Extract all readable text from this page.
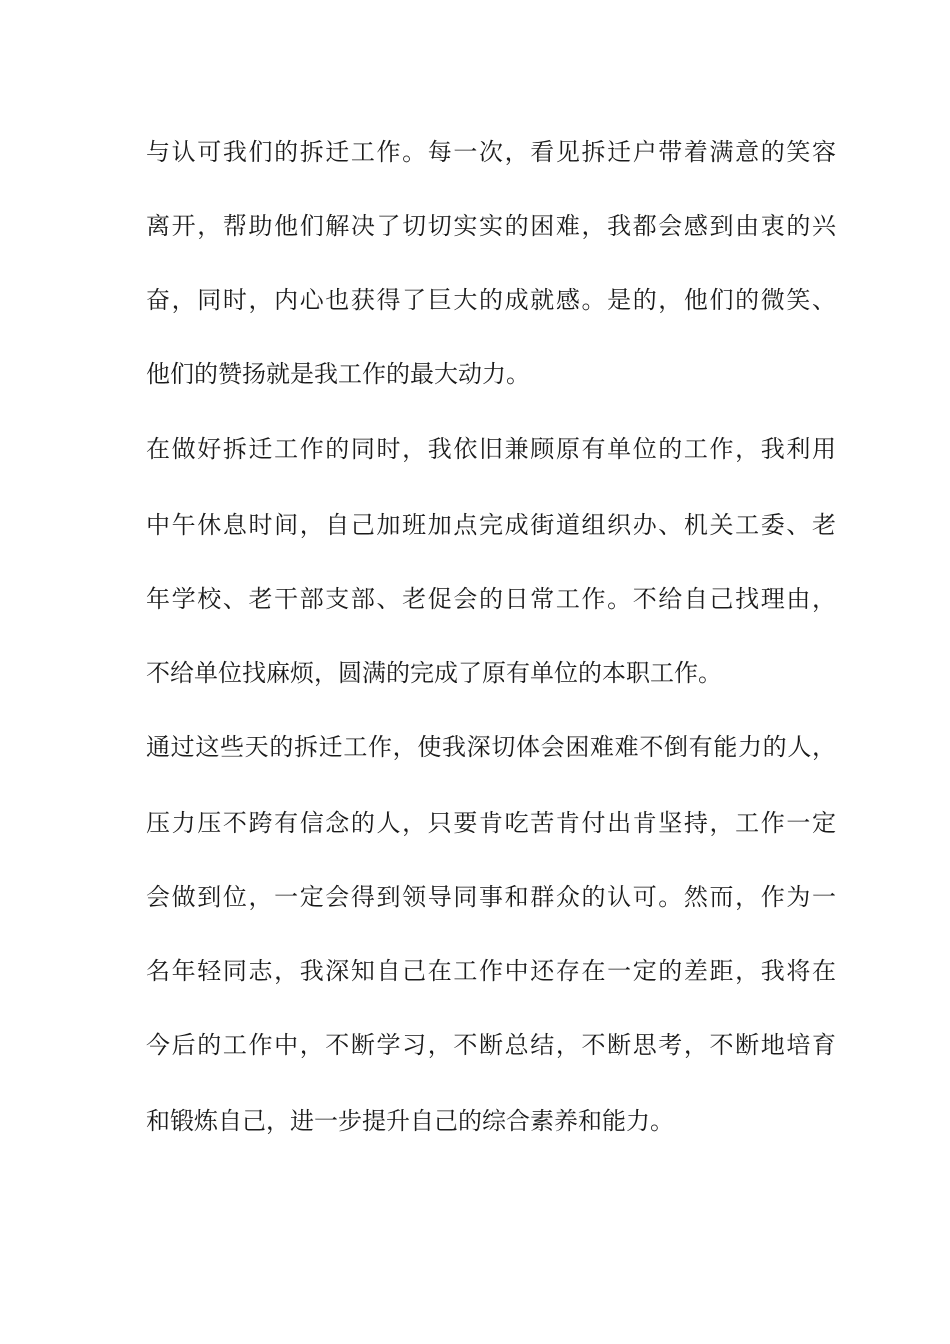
与认可我们的拆迁工作。每一次，看见拆迁户带着满意的笑容
离开，帮助他们解决了切切实实的困难，我都会感到由衷的兴
奋，同时，内心也获得了巨大的成就感。是的，他们的微笑、
他们的赞扬就是我工作的最大动力。
在做好拆迁工作的同时，我依旧兼顾原有单位的工作，我利用
中午休息时间，自己加班加点完成街道组织办、机关工委、老
年学校、老干部支部、老促会的日常工作。不给自己找理由，
不给单位找麻烦，圆满的完成了原有单位的本职工作。
通过这些天的拆迁工作，使我深切体会困难难不倒有能力的人，
压力压不跨有信念的人，只要肯吃苦肯付出肯坚持，工作一定
会做到位，一定会得到领导同事和群众的认可。然而，作为一
名年轻同志，我深知自己在工作中还存在一定的差距，我将在
今后的工作中，不断学习，不断总结，不断思考，不断地培育
和锻炼自己，进一步提升自己的综合素养和能力。
